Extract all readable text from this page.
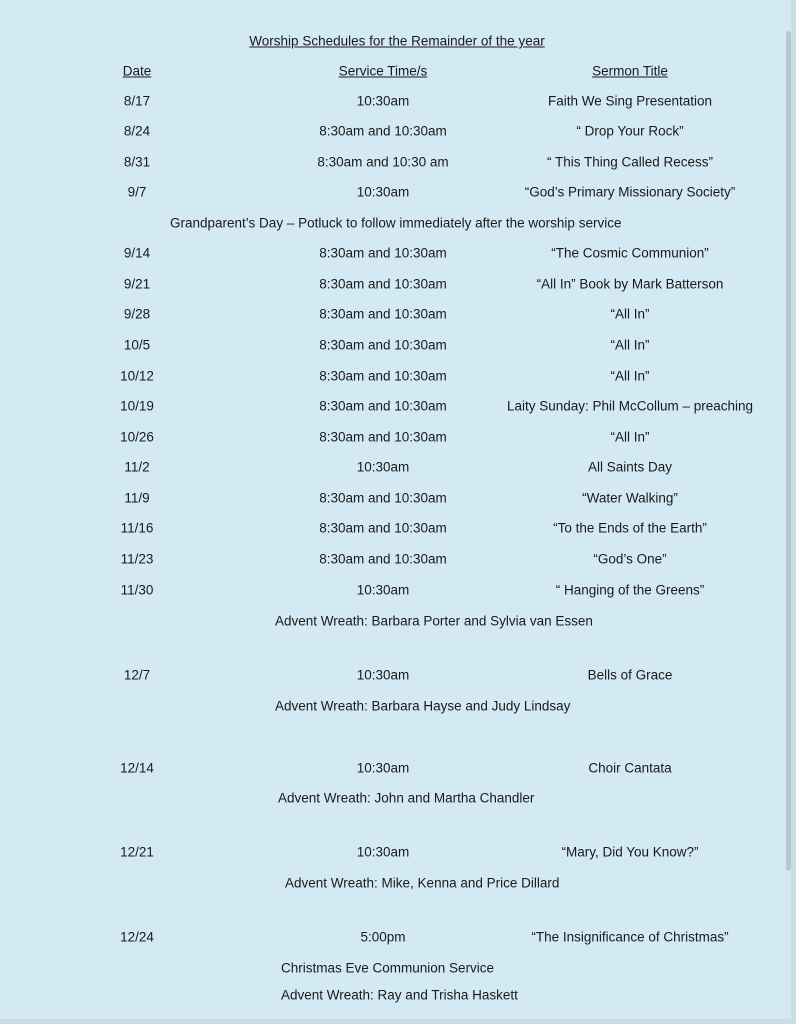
Worship Schedules for the Remainder of the year
Date	Service Time/s	Sermon Title
8/17	10:30am	Faith We Sing Presentation
8/24	8:30am and 10:30am	“ Drop Your Rock”
8/31	8:30am and 10:30 am	“ This Thing Called Recess”
9/7	10:30am	“God’s Primary Missionary Society”
9/14	8:30am and 10:30am	“The Cosmic Communion”
9/21	8:30am and 10:30am	“All In” Book by Mark Batterson
9/28	8:30am and 10:30am	“All In”
10/5	8:30am and 10:30am	“All In”
10/12	8:30am and 10:30am	“All In”
10/19	8:30am and 10:30am	Laity Sunday: Phil McCollum – preaching
10/26	8:30am and 10:30am	“All In”
11/2	10:30am	All Saints Day
11/9	8:30am and 10:30am	“Water Walking”
11/16	8:30am and 10:30am	“To the Ends of the Earth”
11/23	8:30am and 10:30am	“God’s One”
11/30	10:30am	“ Hanging of the Greens”
12/7	10:30am	Bells of Grace
12/14	10:30am	Choir Cantata
12/21	10:30am	“Mary, Did You Know?”
12/24	5:00pm	“The Insignificance of Christmas”
Grandparent’s Day – Potluck to follow immediately after the worship service
Advent Wreath: Barbara Porter and Sylvia van Essen
Advent Wreath: Barbara Hayse and Judy Lindsay
Advent Wreath: John and Martha Chandler
Advent Wreath: Mike, Kenna and Price Dillard
Christmas Eve Communion Service
Advent Wreath: Ray and Trisha Haskett
